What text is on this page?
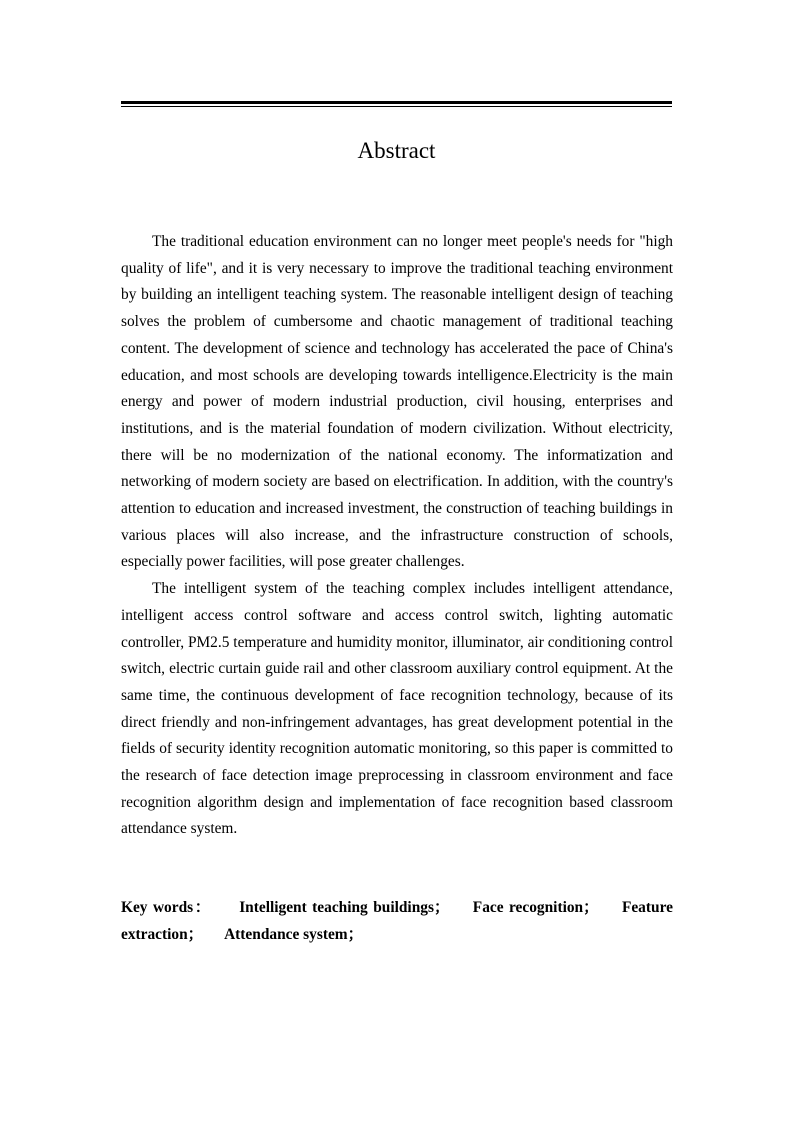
Abstract

The traditional education environment can no longer meet people's needs for "high quality of life", and it is very necessary to improve the traditional teaching environment by building an intelligent teaching system. The reasonable intelligent design of teaching solves the problem of cumbersome and chaotic management of traditional teaching content. The development of science and technology has accelerated the pace of China's education, and most schools are developing towards intelligence.Electricity is the main energy and power of modern industrial production, civil housing, enterprises and institutions, and is the material foundation of modern civilization. Without electricity, there will be no modernization of the national economy. The informatization and networking of modern society are based on electrification. In addition, with the country's attention to education and increased investment, the construction of teaching buildings in various places will also increase, and the infrastructure construction of schools, especially power facilities, will pose greater challenges.

The intelligent system of the teaching complex includes intelligent attendance, intelligent access control software and access control switch, lighting automatic controller, PM2.5 temperature and humidity monitor, illuminator, air conditioning control switch, electric curtain guide rail and other classroom auxiliary control equipment. At the same time, the continuous development of face recognition technology, because of its direct friendly and non-infringement advantages, has great development potential in the fields of security identity recognition automatic monitoring, so this paper is committed to the research of face detection image preprocessing in classroom environment and face recognition algorithm design and implementation of face recognition based classroom attendance system.

Key words： Intelligent teaching buildings； Face recognition； Feature extraction； Attendance system；
